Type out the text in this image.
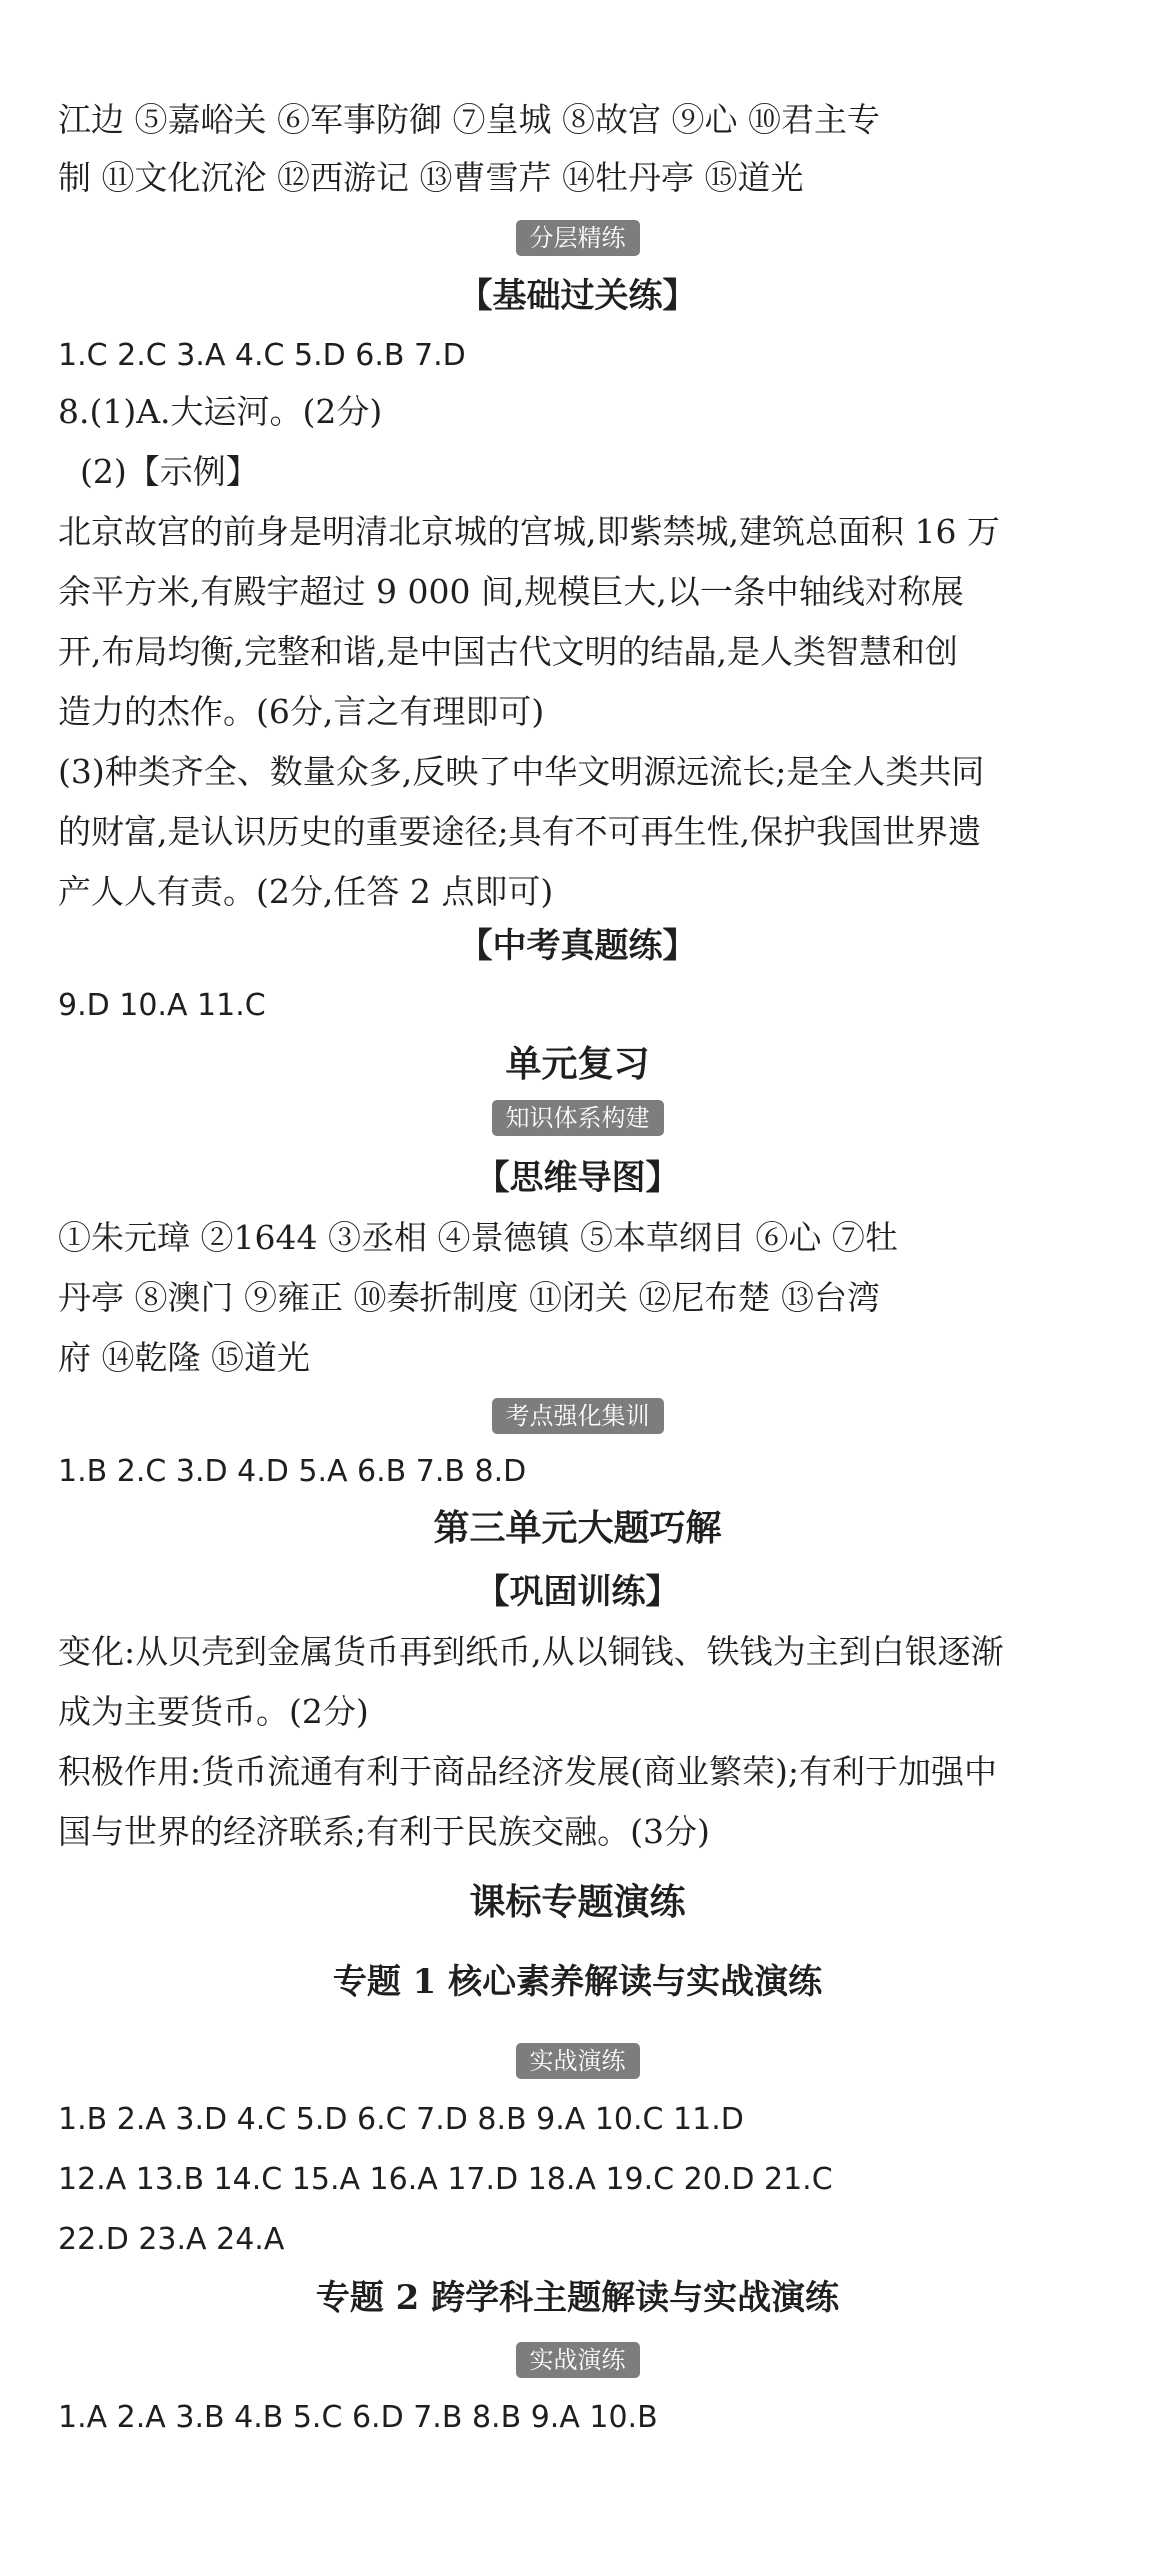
江边 ⑤嘉峪关 ⑥军事防御 ⑦皇城 ⑧故宫 ⑨心 ⑩君主专
制 ⑪文化沉沦 ⑫西游记 ⑬曹雪芹 ⑭牡丹亭 ⑮道光
分层精练
【基础过关练】
1.C 2.C 3.A 4.C 5.D 6.B 7.D
8.(1)A.大运河。(2分)
(2)【示例】
北京故宫的前身是明清北京城的宫城,即紫禁城,建筑总面积 16 万
余平方米,有殿宇超过 9 000 间,规模巨大,以一条中轴线对称展
开,布局均衡,完整和谐,是中国古代文明的结晶,是人类智慧和创
造力的杰作。(6分,言之有理即可)
(3)种类齐全、数量众多,反映了中华文明源远流长;是全人类共同
的财富,是认识历史的重要途径;具有不可再生性,保护我国世界遗
产人人有责。(2分,任答 2 点即可)
【中考真题练】
9.D 10.A 11.C
单元复习
知识体系构建
【思维导图】
①朱元璋 ②1644 ③丞相 ④景德镇 ⑤本草纲目 ⑥心 ⑦牡
丹亭 ⑧澳门 ⑨雍正 ⑩奏折制度 ⑪闭关 ⑫尼布楚 ⑬台湾
府 ⑭乾隆 ⑮道光
考点强化集训
1.B 2.C 3.D 4.D 5.A 6.B 7.B 8.D
第三单元大题巧解
【巩固训练】
变化:从贝壳到金属货币再到纸币,从以铜钱、铁钱为主到白银逐渐
成为主要货币。(2分)
积极作用:货币流通有利于商品经济发展(商业繁荣);有利于加强中
国与世界的经济联系;有利于民族交融。(3分)
课标专题演练
专题 1 核心素养解读与实战演练
实战演练
1.B 2.A 3.D 4.C 5.D 6.C 7.D 8.B 9.A 10.C 11.D
12.A 13.B 14.C 15.A 16.A 17.D 18.A 19.C 20.D 21.C
22.D 23.A 24.A
专题 2 跨学科主题解读与实战演练
实战演练
1.A 2.A 3.B 4.B 5.C 6.D 7.B 8.B 9.A 10.B
